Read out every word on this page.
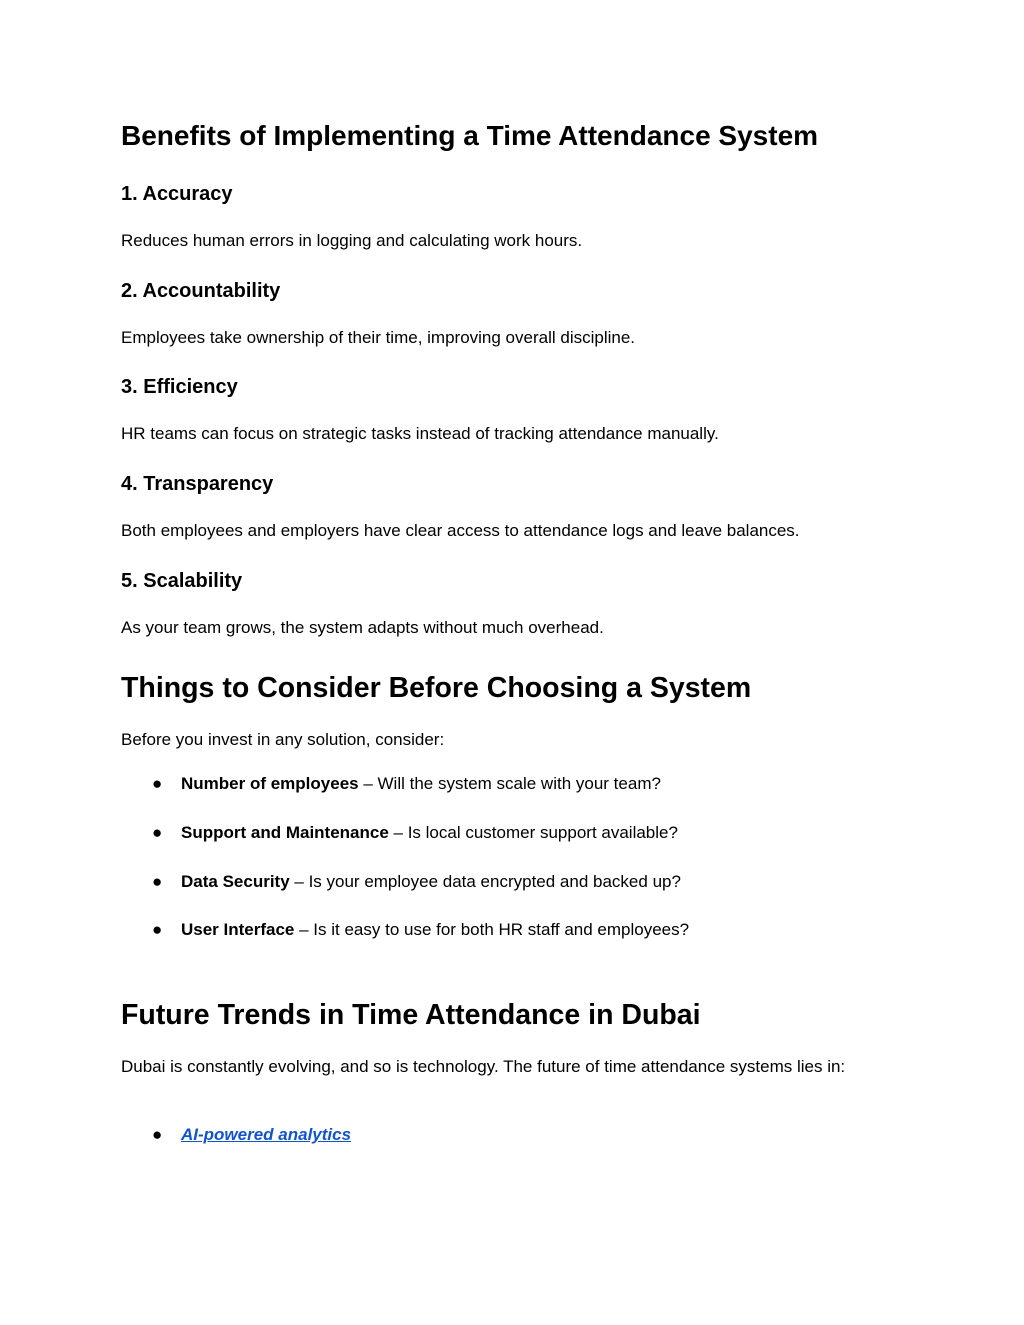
Benefits of Implementing a Time Attendance System
1. Accuracy

Reduces human errors in logging and calculating work hours.

2. Accountability

Employees take ownership of their time, improving overall discipline.

3. Efficiency

HR teams can focus on strategic tasks instead of tracking attendance manually.

4. Transparency

Both employees and employers have clear access to attendance logs and leave balances.

5. Scalability

As your team grows, the system adapts without much overhead.

Things to Consider Before Choosing a System

Before you invest in any solution, consider:

●	Number of employees – Will the system scale with your team?
●	Support and Maintenance – Is local customer support available?
●	Data Security – Is your employee data encrypted and backed up?
●	User Interface – Is it easy to use for both HR staff and employees?
Future Trends in Time Attendance in Dubai

Dubai is constantly evolving, and so is technology. The future of time attendance systems lies in:

●	AI-powered analytics
